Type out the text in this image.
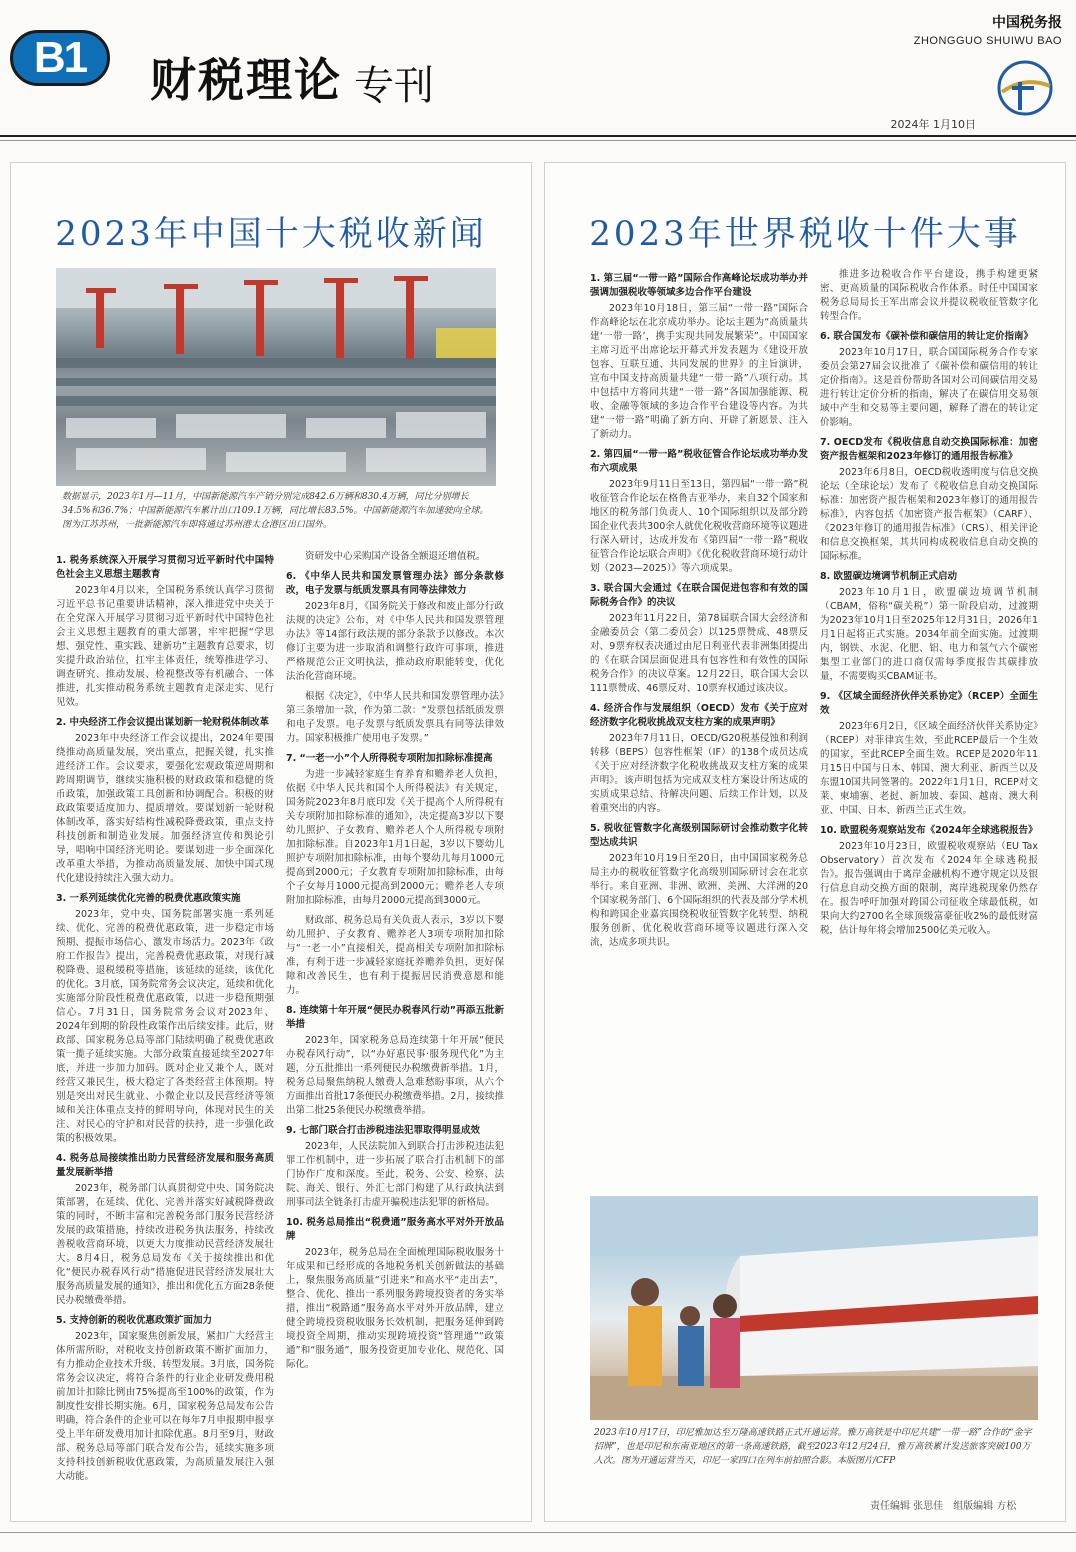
B1	财税理论 专刊
中国税务报
ZHONGGUO SHUIWU BAO
2024年 1月10日
2023年中国十大税收新闻
数据显示，2023年1月—11月，中国新能源汽车产销分别完成842.6万辆和830.4万辆，同比分别增长34.5%和36.7%；中国新能源汽车累计出口109.1万辆，同比增长83.5%。中国新能源汽车加速驶向全球。图为江苏苏州，一批新能源汽车即将通过苏州港太仓港区出口国外。

1. 税务系统深入开展学习贯彻习近平新时代中国特色社会主义思想主题教育

2023年4月以来，全国税务系统认真学习贯彻习近平总书记重要讲话精神，深入推进党中央关于在全党深入开展学习贯彻习近平新时代中国特色社会主义思想主题教育的重大部署，牢牢把握“学思想、强党性、重实践、建新功”主题教育总要求，切实提升政治站位，扛牢主体责任，统筹推进学习、调查研究、推动发展、检视整改等有机融合、一体推进，扎实推动税务系统主题教育走深走实、见行见效。

2. 中央经济工作会议提出谋划新一轮财税体制改革

2023年中央经济工作会议提出，2024年要围绕推动高质量发展，突出重点，把握关键，扎实推进经济工作。会议要求，要强化宏观政策逆周期和跨周期调节，继续实施积极的财政政策和稳健的货币政策，加强政策工具创新和协调配合。积极的财政政策要适度加力、提质增效。要谋划新一轮财税体制改革，落实好结构性减税降费政策，重点支持科技创新和制造业发展。加强经济宣传和舆论引导，唱响中国经济光明论。要谋划进一步全面深化改革重大举措，为推动高质量发展、加快中国式现代化建设持续注入强大动力。

3. 一系列延续优化完善的税费优惠政策实施

2023年，党中央、国务院部署实施一系列延续、优化、完善的税费优惠政策，进一步稳定市场预期、提振市场信心、激发市场活力。2023年《政府工作报告》提出，完善税费优惠政策，对现行减税降费、退税缓税等措施，该延续的延续，该优化的优化。3月底，国务院常务会议决定，延续和优化实施部分阶段性税费优惠政策，以进一步稳预期强信心。7月31日，国务院常务会议对2023年、2024年到期的阶段性政策作出后续安排。此后，财政部、国家税务总局等部门陆续明确了税费优惠政策一揽子延续实施。大部分政策直接延续至2027年底，并进一步加力加码。既对企业又兼个人，既对经营又兼民生，极大稳定了各类经营主体预期。特别是突出对民生就业、小微企业以及民营经济等领域和关注体重点支持的鲜明导向，体现对民生的关注、对民心的守护和对民营的扶持，进一步强化政策的积极效果。

4. 税务总局接续推出助力民营经济发展和服务高质量发展新举措

2023年，税务部门认真贯彻党中央、国务院决策部署，在延续、优化、完善并落实好减税降费政策的同时，不断丰富和完善税务部门服务民营经济发展的政策措施，持续改进税务执法服务，持续改善税收营商环境，以更大力度推动民营经济发展壮大。8月4日，税务总局发布《关于接续推出和优化“便民办税春风行动”措施促进民营经济发展壮大服务高质量发展的通知》，推出和优化五方面28条便民办税缴费举措。

5. 支持创新的税收优惠政策扩面加力

2023年，国家聚焦创新发展，紧扣广大经营主体所需所盼，对税收支持创新政策不断扩面加力，有力推动企业技术升级、转型发展。3月底，国务院常务会议决定，将符合条件的行业企业研发费用税前加计扣除比例由75%提高至100%的政策，作为制度性安排长期实施。6月，国家税务总局发布公告明确，符合条件的企业可以在每年7月申报期申报享受上半年研发费用加计扣除优惠。8月至9月，财政部、税务总局等部门联合发布公告，延续实施多项支持科技创新税收优惠政策，为高质量发展注入强大动能。

资研发中心采购国产设备全额退还增值税。

6. 《中华人民共和国发票管理办法》部分条款修改，电子发票与纸质发票具有同等法律效力

2023年8月，《国务院关于修改和废止部分行政法规的决定》公布，对《中华人民共和国发票管理办法》等14部行政法规的部分条款予以修改。本次修订主要为进一步取消和调整行政许可事项，推进严格规范公正文明执法，推动政府职能转变，优化法治化营商环境。

根据《决定》，《中华人民共和国发票管理办法》第三条增加一款，作为第二款：“发票包括纸质发票和电子发票。电子发票与纸质发票具有同等法律效力。国家积极推广使用电子发票。”

7. “一老一小”个人所得税专项附加扣除标准提高

为进一步减轻家庭生育养育和赡养老人负担，依据《中华人民共和国个人所得税法》有关规定，国务院2023年8月底印发《关于提高个人所得税有关专项附加扣除标准的通知》，决定提高3岁以下婴幼儿照护、子女教育、赡养老人个人所得税专项附加扣除标准。自2023年1月1日起，3岁以下婴幼儿照护专项附加扣除标准，由每个婴幼儿每月1000元提高到2000元；子女教育专项附加扣除标准，由每个子女每月1000元提高到2000元；赡养老人专项附加扣除标准，由每月2000元提高到3000元。

财政部、税务总局有关负责人表示，3岁以下婴幼儿照护、子女教育、赡养老人3项专项附加扣除与“一老一小”直接相关，提高相关专项附加扣除标准，有利于进一步减轻家庭抚养赡养负担，更好保障和改善民生，也有利于提振居民消费意愿和能力。

8. 连续第十年开展“便民办税春风行动”再添五批新举措

2023年，国家税务总局连续第十年开展“便民办税春风行动”，以“办好惠民事·服务现代化”为主题，分五批推出一系列便民办税缴费新举措。1月，税务总局聚焦纳税人缴费人急难愁盼事项，从六个方面推出首批17条便民办税缴费举措。2月，接续推出第二批25条便民办税缴费举措。

9. 七部门联合打击涉税违法犯罪取得明显成效

2023年，人民法院加入到联合打击涉税违法犯罪工作机制中，进一步拓展了联合打击机制下的部门协作广度和深度。至此，税务、公安、检察、法院、海关、银行、外汇七部门构建了从行政执法到刑事司法全链条打击虚开骗税违法犯罪的新格局。

10. 税务总局推出“税费通”服务高水平对外开放品牌

2023年，税务总局在全面梳理国际税收服务十年成果和已经形成的各地税务机关创新做法的基础上，聚焦服务高质量“引进来”和高水平“走出去”，整合、优化、推出一系列服务跨境投资者的务实举措，推出“税路通”服务高水平对外开放品牌，建立健全跨境投资税收服务长效机制，把服务延伸到跨境投资全周期，推动实现跨境投资“管理通”“政策通”和“服务通”，服务投资更加专业化、规范化、国际化。

2023年世界税收十件大事

1. 第三届“一带一路”国际合作高峰论坛成功举办并强调加强税收等领域多边合作平台建设

2023年10月18日，第三届“一带一路”国际合作高峰论坛在北京成功举办。论坛主题为“高质量共建‘一带一路’，携手实现共同发展繁荣”。中国国家主席习近平出席论坛开幕式并发表题为《建设开放包容、互联互通、共同发展的世界》的主旨演讲，宣布中国支持高质量共建“一带一路”八项行动。其中包括中方将同共建“一带一路”各国加强能源、税收、金融等领域的多边合作平台建设等内容。为共建“一带一路”明确了新方向、开辟了新愿景、注入了新动力。

2. 第四届“一带一路”税收征管合作论坛成功举办发布六项成果

2023年9月11日至13日，第四届“一带一路”税收征管合作论坛在格鲁吉亚举办，来自32个国家和地区的税务部门负责人、10个国际组织以及部分跨国企业代表共300余人就优化税收营商环境等议题进行深入研讨，达成并发布《第四届“一带一路”税收征管合作论坛联合声明》《优化税收营商环境行动计划（2023—2025）》等六项成果。

3. 联合国大会通过《在联合国促进包容和有效的国际税务合作》的决议

2023年11月22日，第78届联合国大会经济和金融委员会（第二委员会）以125票赞成、48票反对、9票弃权表决通过由尼日利亚代表非洲集团提出的《在联合国层面促进具有包容性和有效性的国际税务合作》的决议草案。12月22日，联合国大会以111票赞成、46票反对、10票弃权通过该决议。

4. 经济合作与发展组织（OECD）发布《关于应对经济数字化税收挑战双支柱方案的成果声明》

2023年7月11日，OECD/G20税基侵蚀和利润转移（BEPS）包容性框架（IF）的138个成员达成《关于应对经济数字化税收挑战双支柱方案的成果声明》。该声明包括为完成双支柱方案设计所达成的实质成果总结、待解决问题、后续工作计划，以及着重突出的内容。

5. 税收征管数字化高级别国际研讨会推动数字化转型达成共识

2023年10月19日至20日，由中国国家税务总局主办的税收征管数字化高级别国际研讨会在北京举行。来自亚洲、非洲、欧洲、美洲、大洋洲的20个国家税务部门、6个国际组织的代表及部分学术机构和跨国企业嘉宾围绕税收征管数字化转型、纳税服务创新、优化税收营商环境等议题进行深入交流，达成多项共识。

推进多边税收合作平台建设，携手构建更紧密、更高质量的国际税收合作体系。时任中国国家税务总局局长王军出席会议并提议税收征管数字化转型合作。

6. 联合国发布《碳补偿和碳信用的转让定价指南》

2023年10月17日，联合国国际税务合作专家委员会第27届会议批准了《碳补偿和碳信用的转让定价指南》。这是首份帮助各国对公司间碳信用交易进行转让定价分析的指南，解决了在碳信用交易领域中产生和交易等主要问题，解释了潜在的转让定价影响。

7. OECD发布《税收信息自动交换国际标准：加密资产报告框架和2023年修订的通用报告标准》

2023年6月8日，OECD税收透明度与信息交换论坛（全球论坛）发布了《税收信息自动交换国际标准：加密资产报告框架和2023年修订的通用报告标准》，内容包括《加密资产报告框架》（CARF）、《2023年修订的通用报告标准》（CRS）、相关评论和信息交换框架，其共同构成税收信息自动交换的国际标准。

8. 欧盟碳边境调节机制正式启动

2023年10月1日，欧盟碳边境调节机制（CBAM，俗称“碳关税”）第一阶段启动，过渡期为2023年10月1日至2025年12月31日，2026年1月1日起将正式实施。2034年前全面实施。过渡期内，钢铁、水泥、化肥、铝、电力和氢气六个碳密集型工业部门的进口商仅需每季度报告其碳排放量，不需要购买CBAM证书。

9. 《区域全面经济伙伴关系协定》（RCEP）全面生效

2023年6月2日，《区域全面经济伙伴关系协定》（RCEP）对菲律宾生效，至此RCEP最后一个生效的国家，至此RCEP全面生效。RCEP是2020年11月15日中国与日本、韩国、澳大利亚、新西兰以及东盟10国共同签署的。2022年1月1日，RCEP对文莱、柬埔寨、老挝、新加坡、泰国、越南、澳大利亚、中国、日本、新西兰正式生效。

10. 欧盟税务观察站发布《2024年全球逃税报告》

2023年10月23日，欧盟税收观察站（EU Tax Observatory）首次发布《2024年全球逃税报告》。报告强调由于离岸金融机构不遵守规定以及银行信息自动交换方面的限制，离岸逃税现象仍然存在。报告呼吁加强对跨国公司征收全球最低税，如果向大约2700名全球顶级富豪征收2%的最低财富税，估计每年将会增加2500亿美元收入。

2023年10月17日，印尼雅加达至万隆高速铁路正式开通运营。雅万高铁是中印尼共建“一带一路”合作的“金字招牌”，也是印尼和东南亚地区的第一条高速铁路，截至2023年12月24日，雅万高铁累计发送旅客突破100万人次。图为开通运营当天，印尼一家四口在列车前拍照合影。本版图片/CFP
责任编辑 张思佳　组版编辑 方松
